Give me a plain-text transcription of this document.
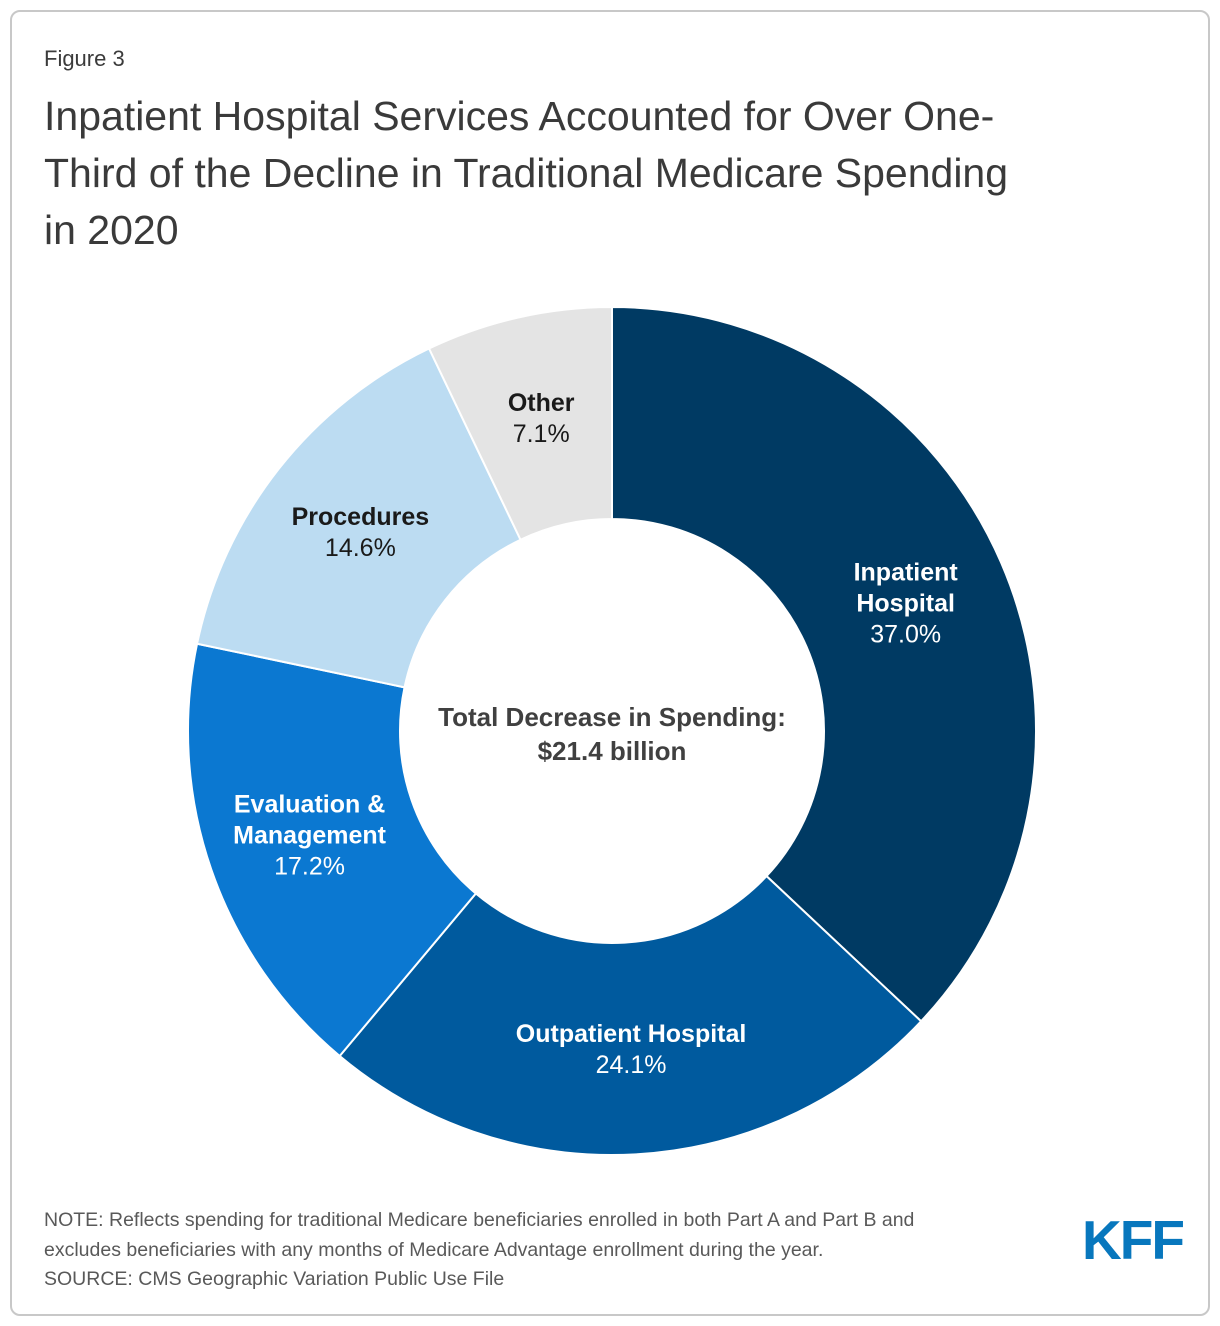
Figure 3
Inpatient Hospital Services Accounted for Over One-
Third of the Decline in Traditional Medicare Spending
in 2020
Inpatient
Hospital
37.0%
Outpatient Hospital
24.1%
Evaluation &
Management
17.2%
Procedures
14.6%
Other
7.1%
Total Decrease in Spending:
$21.4 billion
NOTE: Reflects spending for traditional Medicare beneficiaries enrolled in both Part A and Part B and
excludes beneficiaries with any months of Medicare Advantage enrollment during the year.
SOURCE: CMS Geographic Variation Public Use File
KFF
